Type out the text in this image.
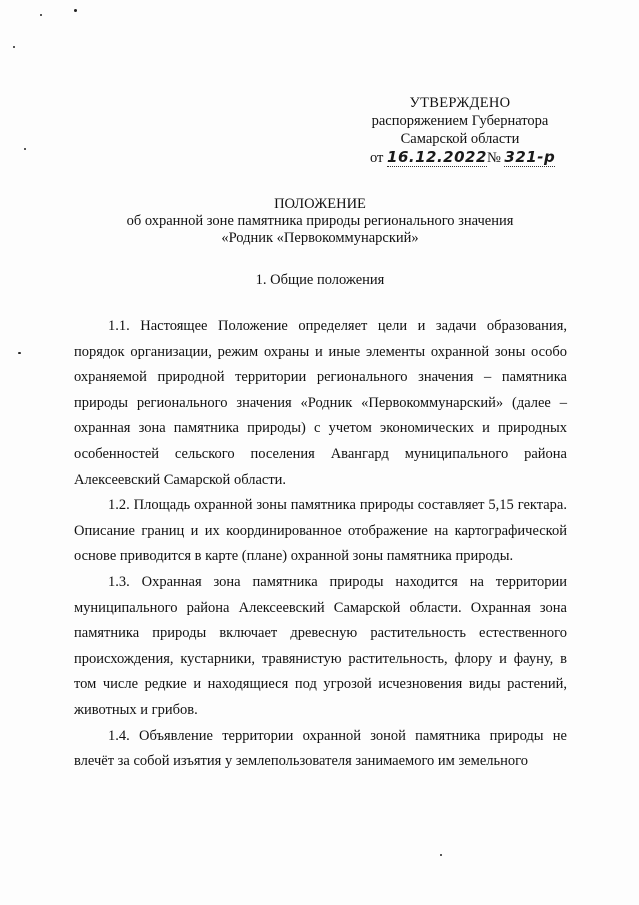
УТВЕРЖДЕНО
распоряжением Губернатора
Самарской области
от 16.12.2022№ 321-р
ПОЛОЖЕНИЕ
об охранной зоне памятника природы регионального значения
«Родник «Первокоммунарский»
1. Общие положения

1.1. Настоящее Положение определяет цели и задачи образования, порядок организации, режим охраны и иные элементы охранной зоны особо охраняемой природной территории регионального значения – памятника природы регионального значения «Родник «Первокоммунарский» (далее – охранная зона памятника природы) с учетом экономических и природных особенностей сельского поселения Авангард муниципального района Алексеевский Самарской области.

1.2. Площадь охранной зоны памятника природы составляет 5,15 гектара. Описание границ и их координированное отображение на картографической основе приводится в карте (плане) охранной зоны памятника природы.

1.3. Охранная зона памятника природы находится на территории муниципального района Алексеевский Самарской области. Охранная зона памятника природы включает древесную растительность естественного происхождения, кустарники, травянистую растительность, флору и фауну, в том числе редкие и находящиеся под угрозой исчезновения виды растений, животных и грибов.

1.4. Объявление территории охранной зоной памятника природы не влечёт за собой изъятия у землепользователя занимаемого им земельного
